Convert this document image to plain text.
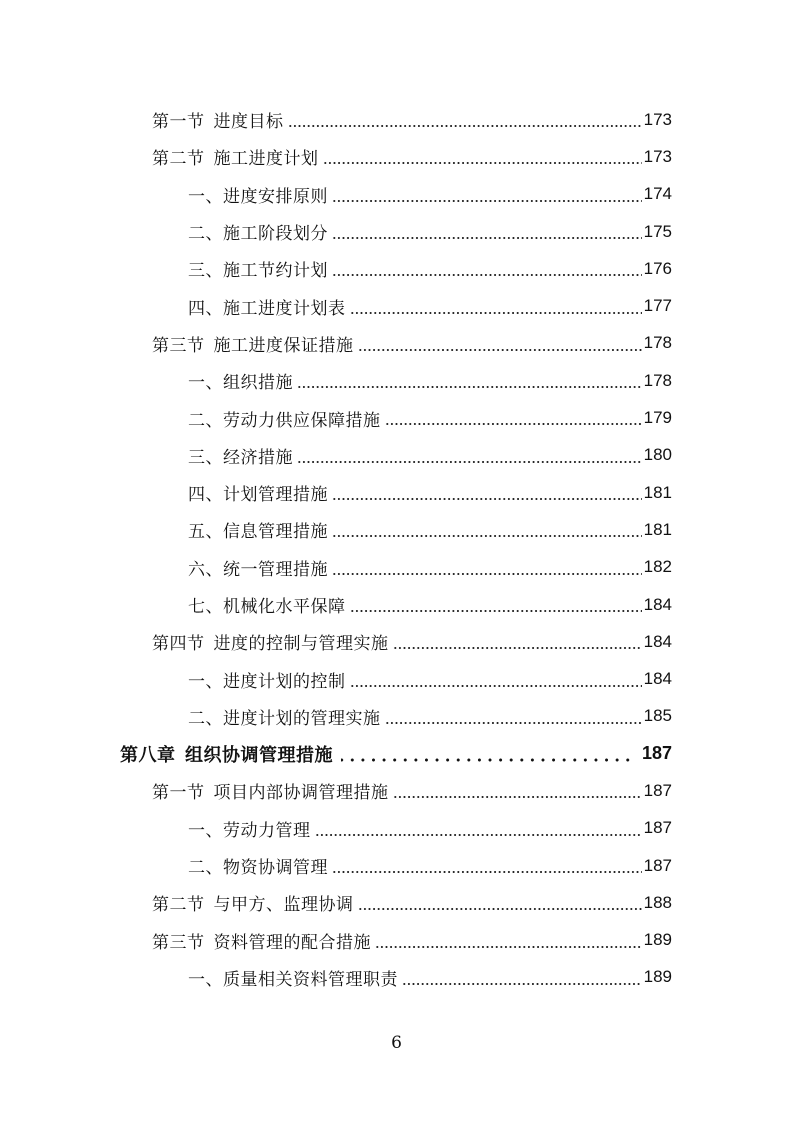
第一节  进度目标	173
第二节  施工进度计划	173
一、进度安排原则	174
二、施工阶段划分	175
三、施工节约计划	176
四、施工进度计划表	177
第三节  施工进度保证措施	178
一、组织措施	178
二、劳动力供应保障措施	179
三、经济措施	180
四、计划管理措施	181
五、信息管理措施	181
六、统一管理措施	182
七、机械化水平保障	184
第四节  进度的控制与管理实施	184
一、进度计划的控制	184
二、进度计划的管理实施	185
第八章  组织协调管理措施	187
第一节  项目内部协调管理措施	187
一、劳动力管理	187
二、物资协调管理	187
第二节  与甲方、监理协调	188
第三节  资料管理的配合措施	189
一、质量相关资料管理职责	189
6
